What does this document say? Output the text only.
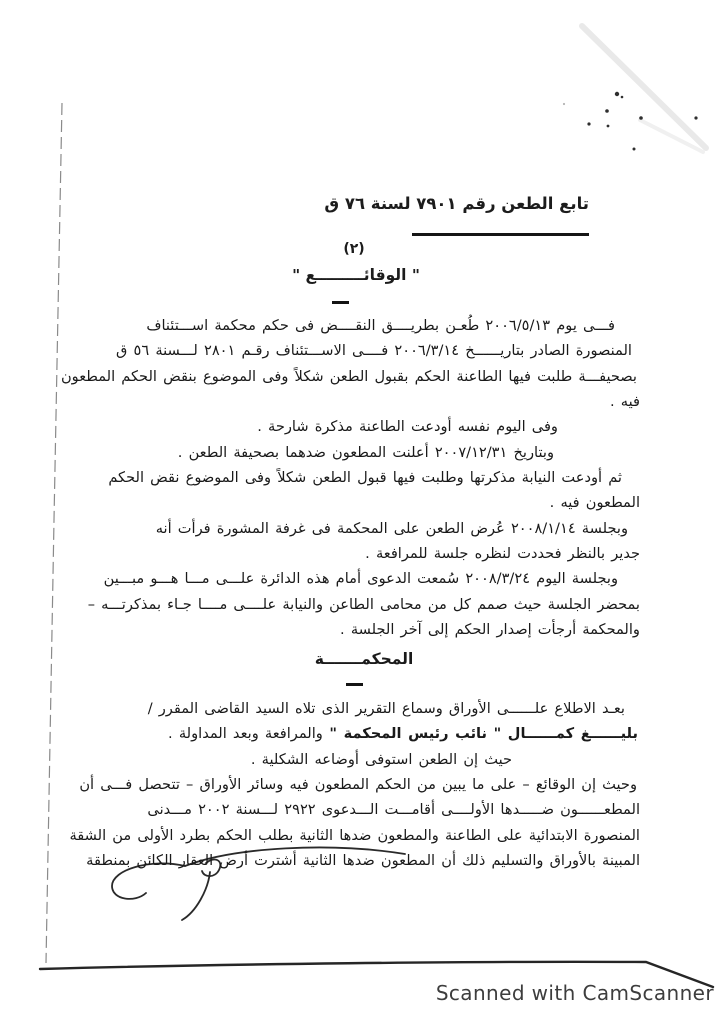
تابع الطعن رقم ٧٩٠١ لسنة ٧٦ ق
(٢)
" الوقائـــــــــع "
فـــى يوم ٢٠٠٦/٥/١٣ طُعـن بطريــــق النقــــض فى حكم محكمة اســـتئناف
المنصورة الصادر بتاريــــــخ ٢٠٠٦/٣/١٤ فــــى الاســـتئناف رقـم ٢٨٠١ لـــسنة ٥٦ ق
بصحيفـــة طلبت فيها الطاعنة الحكم بقبول الطعن شكلاً وفى الموضوع بنقض الحكم المطعون
فيه .
وفى اليوم نفسه أودعت الطاعنة مذكرة شارحة .
وبتاريخ ٢٠٠٧/١٢/٣١ أعلنت المطعون ضدهما بصحيفة الطعن .
ثم أودعت النيابة مذكرتها وطلبت فيها قبول الطعن شكلاً وفى الموضوع نقض الحكم
المطعون فيه .
وبجلسة ٢٠٠٨/١/١٤ عُرض الطعن على المحكمة فى غرفة المشورة فرأت أنه
جدير بالنظر فحددت لنظره جلسة للمرافعة .
وبجلسة اليوم ٢٠٠٨/٣/٢٤ سُمعت الدعوى أمام هذه الدائرة علـــى مـــا هـــو مبـــين
بمحضر الجلسة حيث صمم كل من محامى الطاعن والنيابة علــــى مــــا جـاء بمذكرتـــه –
والمحكمة أرجأت إصدار الحكم إلى آخر الجلسة .
المحكمـــــــة
بعـد الاطلاع علــــــى الأوراق وسماع التقرير الذى تلاه السيد القاضى المقرر /
بليــــــغ كمــــــال " نائب رئيس المحكمة " والمرافعة وبعد المداولة .
حيث إن الطعن استوفى أوضاعه الشكلية .
وحيث إن الوقائع – على ما يبين من الحكم المطعون فيه وسائر الأوراق – تتحصل فـــى أن
المطعــــــون ضـــــدها الأولــــى أقامـــت الـــدعوى ٢٩٢٢ لـــسنة ٢٠٠٢ مـــدنى
المنصورة الابتدائية على الطاعنة والمطعون ضدها الثانية بطلب الحكم بطرد الأولى من الشقة
المبينة بالأوراق والتسليم ذلك أن المطعون ضدها الثانية أشترت أرض العقار الكائن بمنطقة
Scanned with CamScanner
